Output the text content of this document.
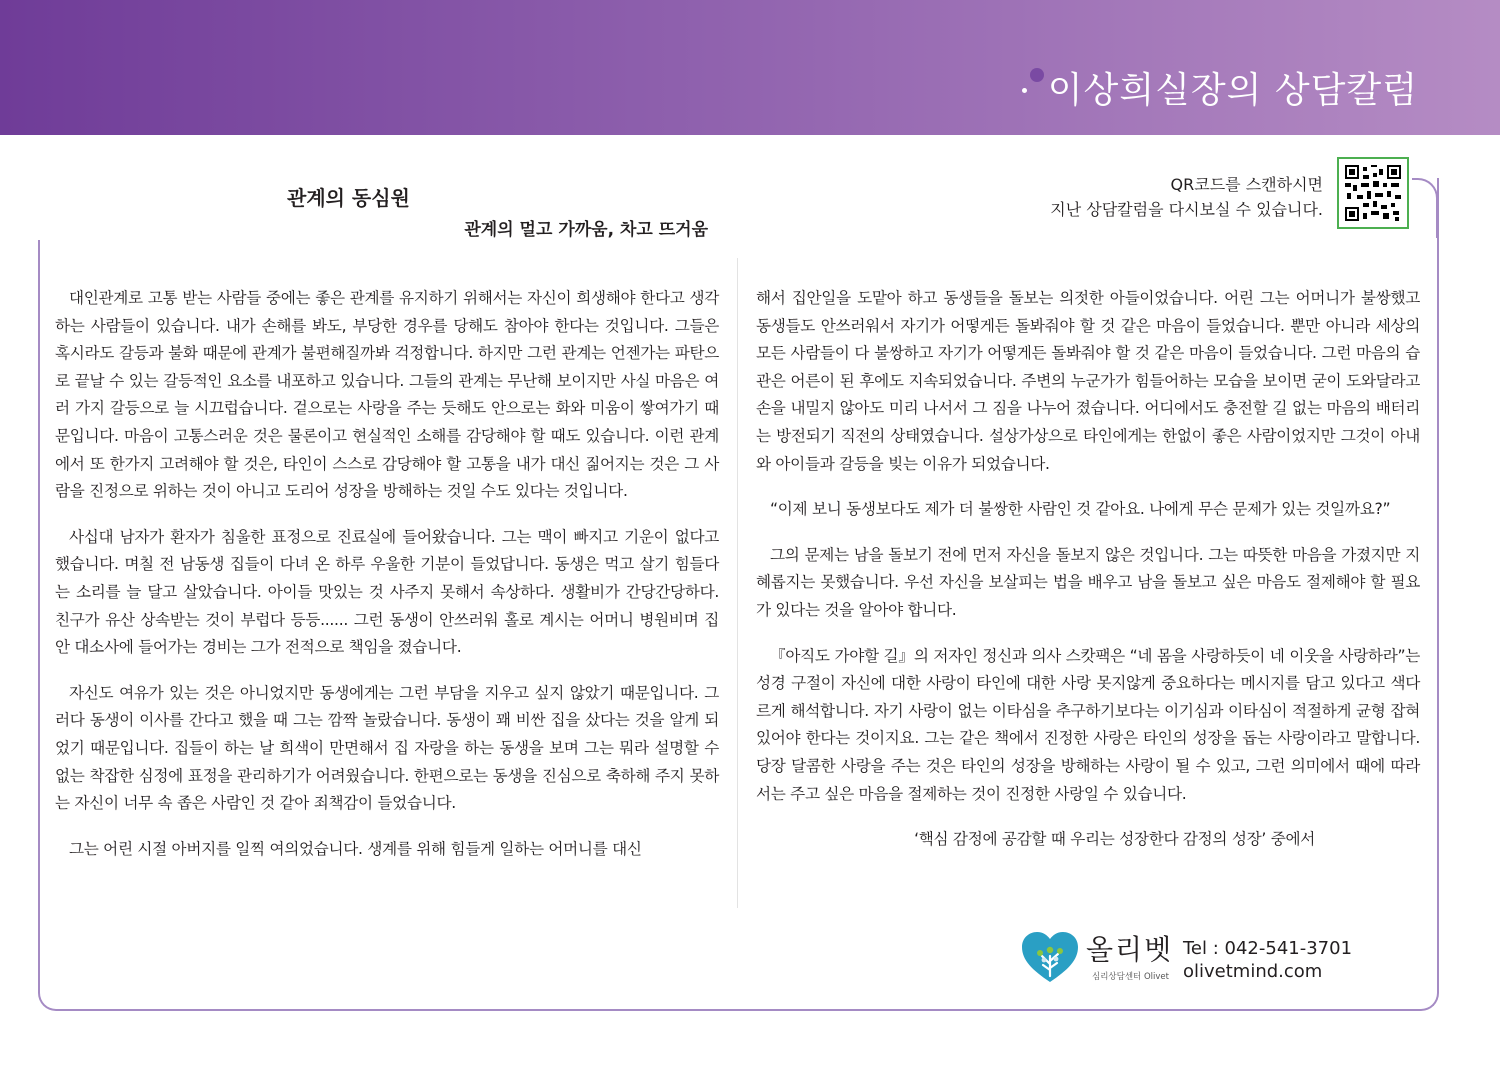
이상희실장의 상담칼럼
관계의 동심원
관계의 멀고 가까움, 차고 뜨거움
QR코드를 스캔하시면
지난 상담칼럼을 다시보실 수 있습니다.

대인관계로 고통 받는 사람들 중에는 좋은 관계를 유지하기 위해서는 자신이 희생해야 한다고 생각하는 사람들이 있습니다. 내가 손해를 봐도, 부당한 경우를 당해도 참아야 한다는 것입니다. 그들은 혹시라도 갈등과 불화 때문에 관계가 불편해질까봐 걱정합니다. 하지만 그런 관계는 언젠가는 파탄으로 끝날 수 있는 갈등적인 요소를 내포하고 있습니다. 그들의 관계는 무난해 보이지만 사실 마음은 여러 가지 갈등으로 늘 시끄럽습니다. 겉으로는 사랑을 주는 듯해도 안으로는 화와 미움이 쌓여가기 때문입니다. 마음이 고통스러운 것은 물론이고 현실적인 소해를 감당해야 할 때도 있습니다. 이런 관계에서 또 한가지 고려해야 할 것은, 타인이 스스로 감당해야 할 고통을 내가 대신 짊어지는 것은 그 사람을 진정으로 위하는 것이 아니고 도리어 성장을 방해하는 것일 수도 있다는 것입니다.

사십대 남자가 환자가 침울한 표정으로 진료실에 들어왔습니다. 그는 맥이 빠지고 기운이 없다고 했습니다. 며칠 전 남동생 집들이 다녀 온 하루 우울한 기분이 들었답니다. 동생은 먹고 살기 힘들다는 소리를 늘 달고 살았습니다. 아이들 맛있는 것 사주지 못해서 속상하다. 생활비가 간당간당하다. 친구가 유산 상속받는 것이 부럽다 등등...... 그런 동생이 안쓰러워 홀로 계시는 어머니 병원비며 집안 대소사에 들어가는 경비는 그가 전적으로 책임을 졌습니다.

자신도 여유가 있는 것은 아니었지만 동생에게는 그런 부담을 지우고 싶지 않았기 때문입니다. 그러다 동생이 이사를 간다고 했을 때 그는 깜짝 놀랐습니다. 동생이 꽤 비싼 집을 샀다는 것을 알게 되었기 때문입니다. 집들이 하는 날 희색이 만면해서 집 자랑을 하는 동생을 보며 그는 뭐라 설명할 수 없는 착잡한 심정에 표정을 관리하기가 어려웠습니다. 한편으로는 동생을 진심으로 축하해 주지 못하는 자신이 너무 속 좁은 사람인 것 같아 죄책감이 들었습니다.

그는 어린 시절 아버지를 일찍 여의었습니다. 생계를 위해 힘들게 일하는 어머니를 대신

해서 집안일을 도맡아 하고 동생들을 돌보는 의젓한 아들이었습니다. 어린 그는 어머니가 불쌍했고 동생들도 안쓰러워서 자기가 어떻게든 돌봐줘야 할 것 같은 마음이 들었습니다. 뿐만 아니라 세상의 모든 사람들이 다 불쌍하고 자기가 어떻게든 돌봐줘야 할 것 같은 마음이 들었습니다. 그런 마음의 습관은 어른이 된 후에도 지속되었습니다. 주변의 누군가가 힘들어하는 모습을 보이면 굳이 도와달라고 손을 내밀지 않아도 미리 나서서 그 짐을 나누어 졌습니다. 어디에서도 충전할 길 없는 마음의 배터리는 방전되기 직전의 상태였습니다. 설상가상으로 타인에게는 한없이 좋은 사람이었지만 그것이 아내와 아이들과 갈등을 빚는 이유가 되었습니다.

“이제 보니 동생보다도 제가 더 불쌍한 사람인 것 같아요. 나에게 무슨 문제가 있는 것일까요?”

그의 문제는 남을 돌보기 전에 먼저 자신을 돌보지 않은 것입니다. 그는 따뜻한 마음을 가졌지만 지혜롭지는 못했습니다. 우선 자신을 보살피는 법을 배우고 남을 돌보고 싶은 마음도 절제해야 할 필요가 있다는 것을 알아야 합니다.

『아직도 가야할 길』의 저자인 정신과 의사 스캇팩은 “네 몸을 사랑하듯이 네 이웃을 사랑하라”는 성경 구절이 자신에 대한 사랑이 타인에 대한 사랑 못지않게 중요하다는 메시지를 담고 있다고 색다르게 해석합니다. 자기 사랑이 없는 이타심을 추구하기보다는 이기심과 이타심이 적절하게 균형 잡혀 있어야 한다는 것이지요. 그는 같은 책에서 진정한 사랑은 타인의 성장을 돕는 사랑이라고 말합니다. 당장 달콤한 사랑을 주는 것은 타인의 성장을 방해하는 사랑이 될 수 있고, 그런 의미에서 때에 따라서는 주고 싶은 마음을 절제하는 것이 진정한 사랑일 수 있습니다.

‘핵심 감정에 공감할 때 우리는 성장한다 감정의 성장’ 중에서

올리벳
심리상담센터 Olivet
Tel : 042-541-3701
olivetmind.com
